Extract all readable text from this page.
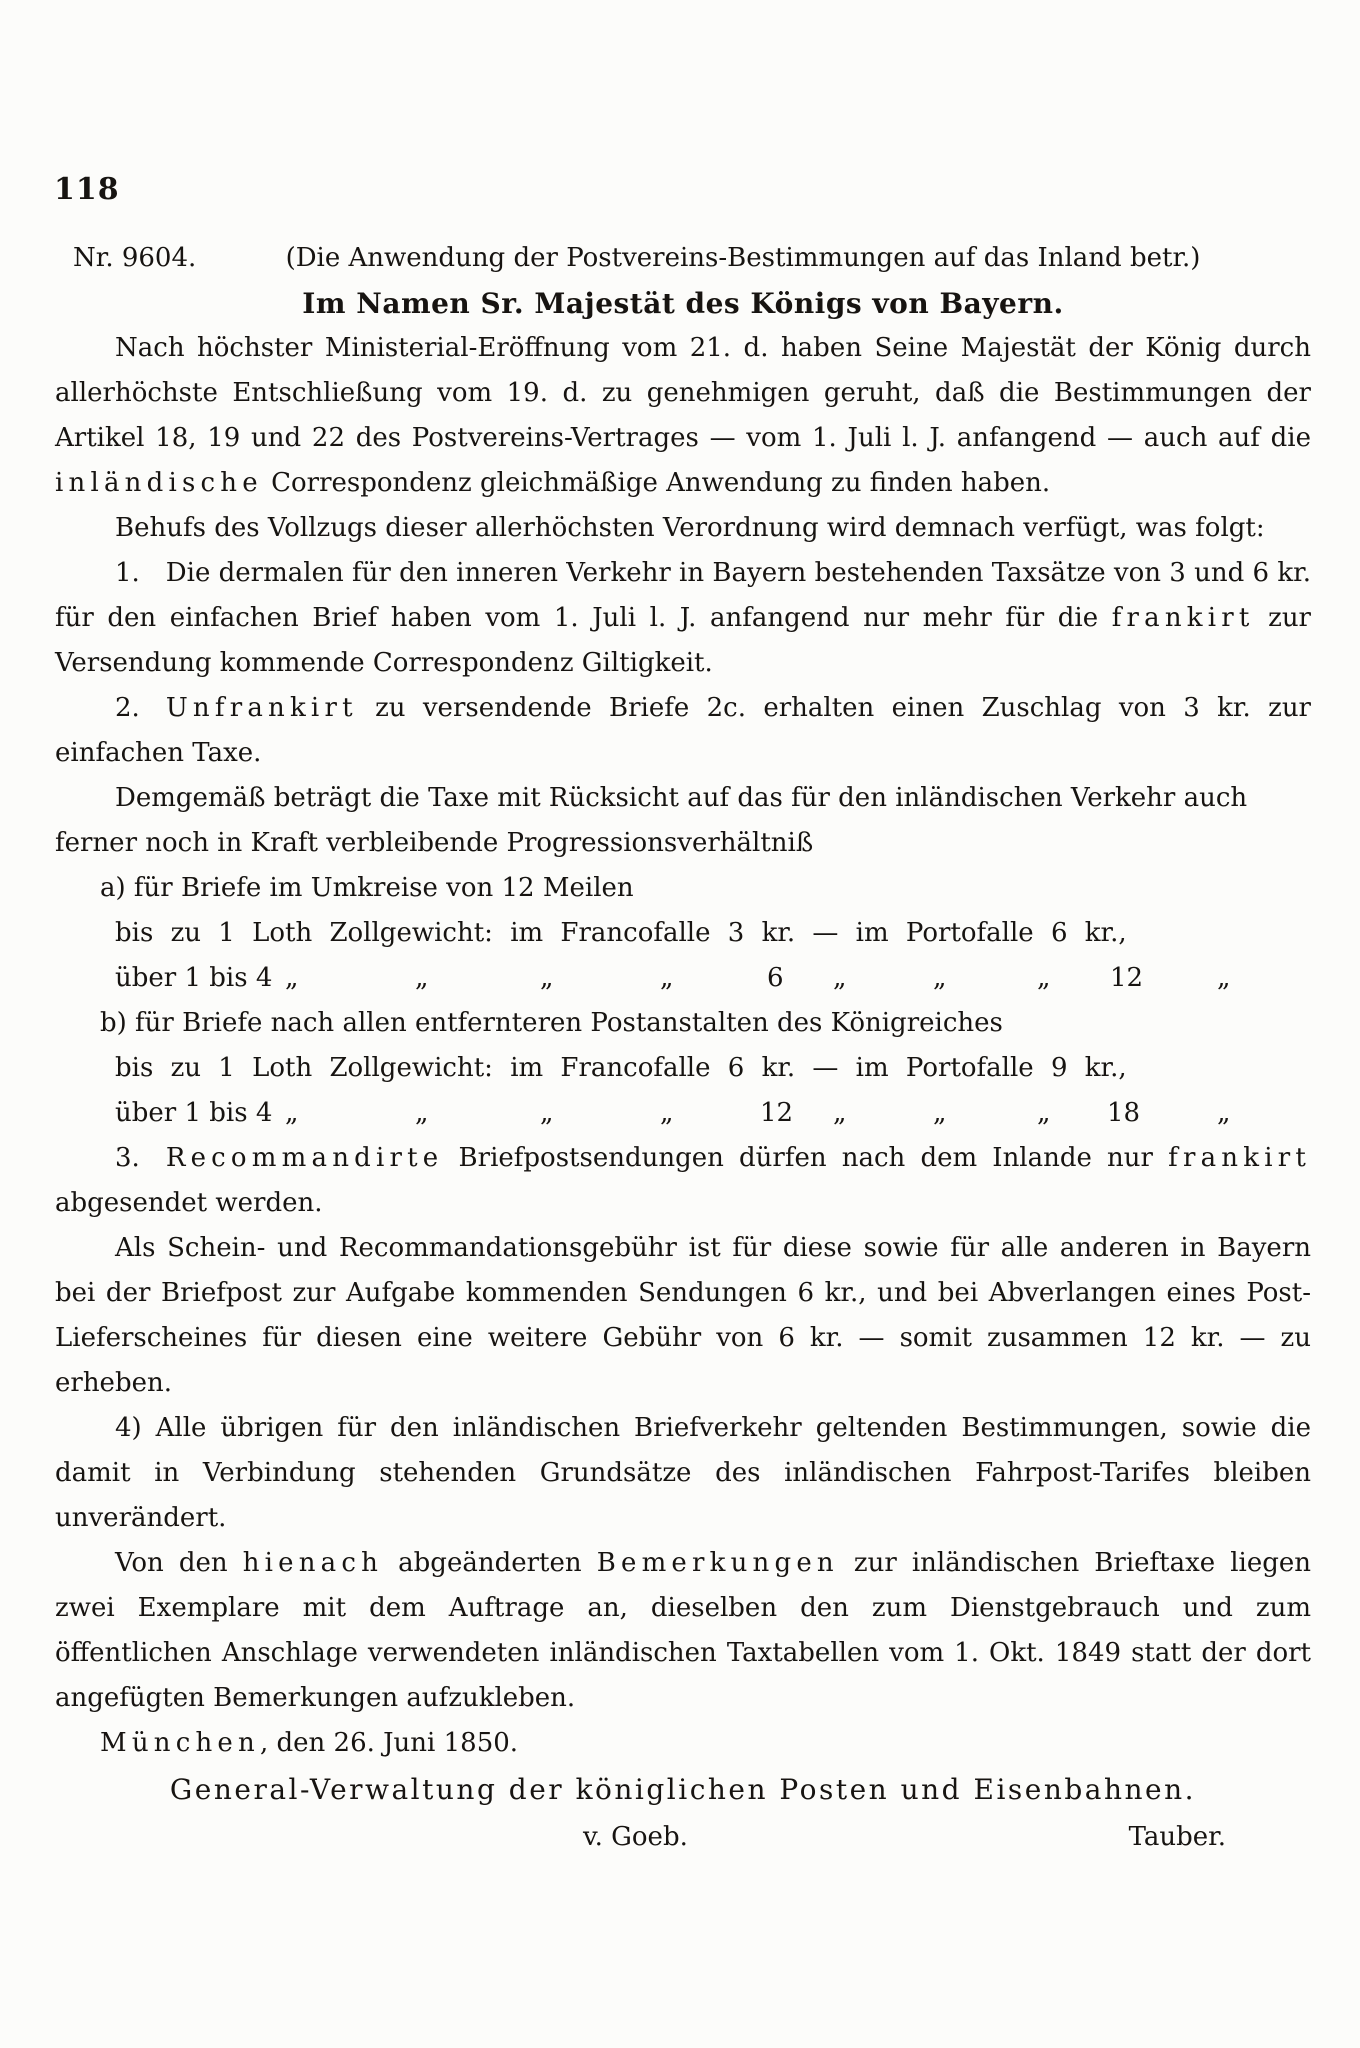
118
Nr. 9604.	(Die Anwendung der Postvereins-Bestimmungen auf das Inland betr.)
Im Namen Sr. Majestät des Königs von Bayern.

Nach höchster Ministerial-Eröffnung vom 21. d. haben Seine Majestät der König durch allerhöchste Entschließung vom 19. d. zu genehmigen geruht, daß die Bestimmungen der Artikel 18, 19 und 22 des Postvereins-Vertrages — vom 1. Juli l. J. anfangend — auch auf die inländische Correspondenz gleichmäßige Anwendung zu finden haben.

Behufs des Vollzugs dieser allerhöchsten Verordnung wird demnach verfügt, was folgt:

1. Die dermalen für den inneren Verkehr in Bayern bestehenden Taxsätze von 3 und 6 kr. für den einfachen Brief haben vom 1. Juli l. J. anfangend nur mehr für die frankirt zur Versendung kommende Correspondenz Giltigkeit.

2. Unfrankirt zu versendende Briefe 2c. erhalten einen Zuschlag von 3 kr. zur einfachen Taxe.

Demgemäß beträgt die Taxe mit Rücksicht auf das für den inländischen Verkehr auch ferner noch in Kraft verbleibende Progressionsverhältniß

a) für Briefe im Umkreise von 12 Meilen

bis zu 1 Loth Zollgewicht: im Francofalle 3 kr. — im Portofalle 6 kr.,

über 1 bis 4 „	„	„	„	6 „	„	„ 12	„

b) für Briefe nach allen entfernteren Postanstalten des Königreiches

bis zu 1 Loth Zollgewicht: im Francofalle 6 kr. — im Portofalle 9 kr.,

über 1 bis 4 „	„	„	„	12 „	„	„ 18	„

3. Recommandirte Briefpostsendungen dürfen nach dem Inlande nur frankirt abgesendet werden.

Als Schein- und Recommandationsgebühr ist für diese sowie für alle anderen in Bayern bei der Briefpost zur Aufgabe kommenden Sendungen 6 kr., und bei Abverlangen eines Post-Lieferscheines für diesen eine weitere Gebühr von 6 kr. — somit zusammen 12 kr. — zu erheben.

4) Alle übrigen für den inländischen Briefverkehr geltenden Bestimmungen, sowie die damit in Verbindung stehenden Grundsätze des inländischen Fahrpost-Tarifes bleiben unverändert.

Von den hienach abgeänderten Bemerkungen zur inländischen Brieftaxe liegen zwei Exemplare mit dem Auftrage an, dieselben den zum Dienstgebrauch und zum öffentlichen Anschlage verwendeten inländischen Taxtabellen vom 1. Okt. 1849 statt der dort angefügten Bemerkungen aufzukleben.

München, den 26. Juni 1850.

General-Verwaltung der königlichen Posten und Eisenbahnen.
v. Goeb.	Tauber.
